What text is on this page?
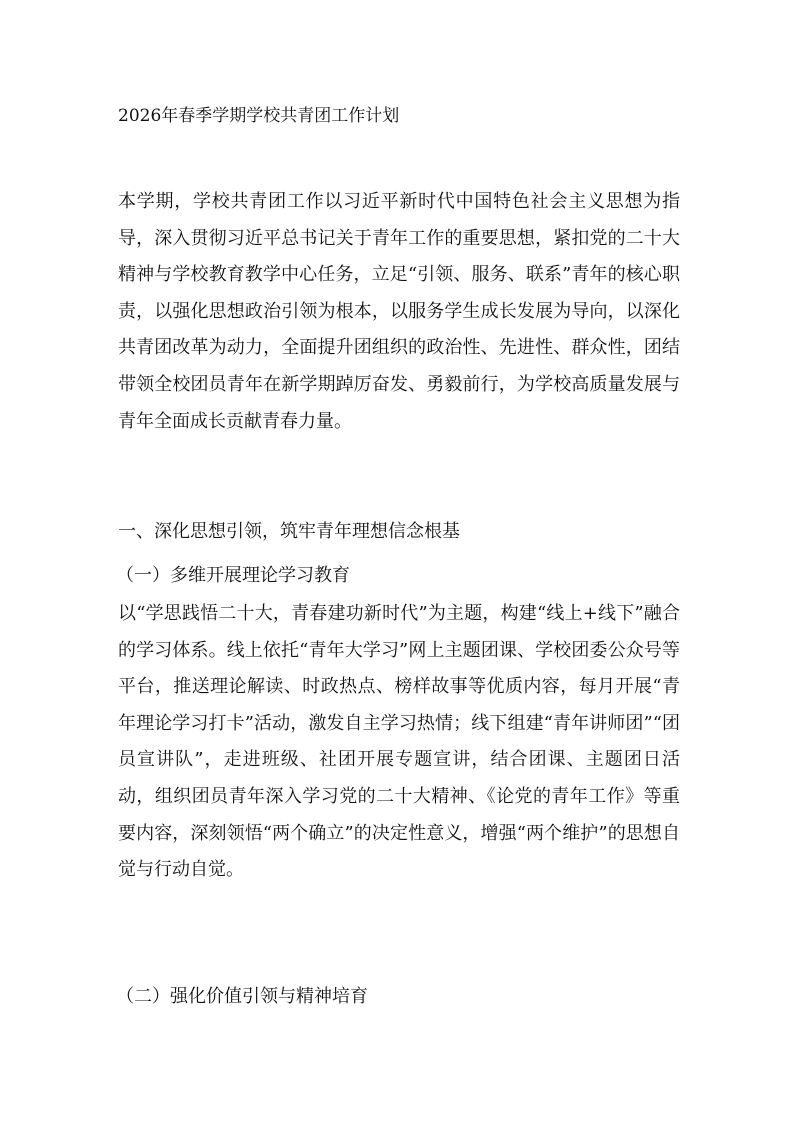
2026年春季学期学校共青团工作计划
本学期，学校共青团工作以习近平新时代中国特色社会主义思想为指导，深入贯彻习近平总书记关于青年工作的重要思想，紧扣党的二十大精神与学校教育教学中心任务，立足“引领、服务、联系”青年的核心职责，以强化思想政治引领为根本，以服务学生成长发展为导向，以深化共青团改革为动力，全面提升团组织的政治性、先进性、群众性，团结带领全校团员青年在新学期踔厉奋发、勇毅前行，为学校高质量发展与青年全面成长贡献青春力量。
一、深化思想引领，筑牢青年理想信念根基
（一）多维开展理论学习教育
以“学思践悟二十大，青春建功新时代”为主题，构建“线上+线下”融合的学习体系。线上依托“青年大学习”网上主题团课、学校团委公众号等平台，推送理论解读、时政热点、榜样故事等优质内容，每月开展“青年理论学习打卡”活动，激发自主学习热情；线下组建“青年讲师团”“团员宣讲队”，走进班级、社团开展专题宣讲，结合团课、主题团日活动，组织团员青年深入学习党的二十大精神、《论党的青年工作》等重要内容，深刻领悟“两个确立”的决定性意义，增强“两个维护”的思想自觉与行动自觉。
（二）强化价值引领与精神培育
